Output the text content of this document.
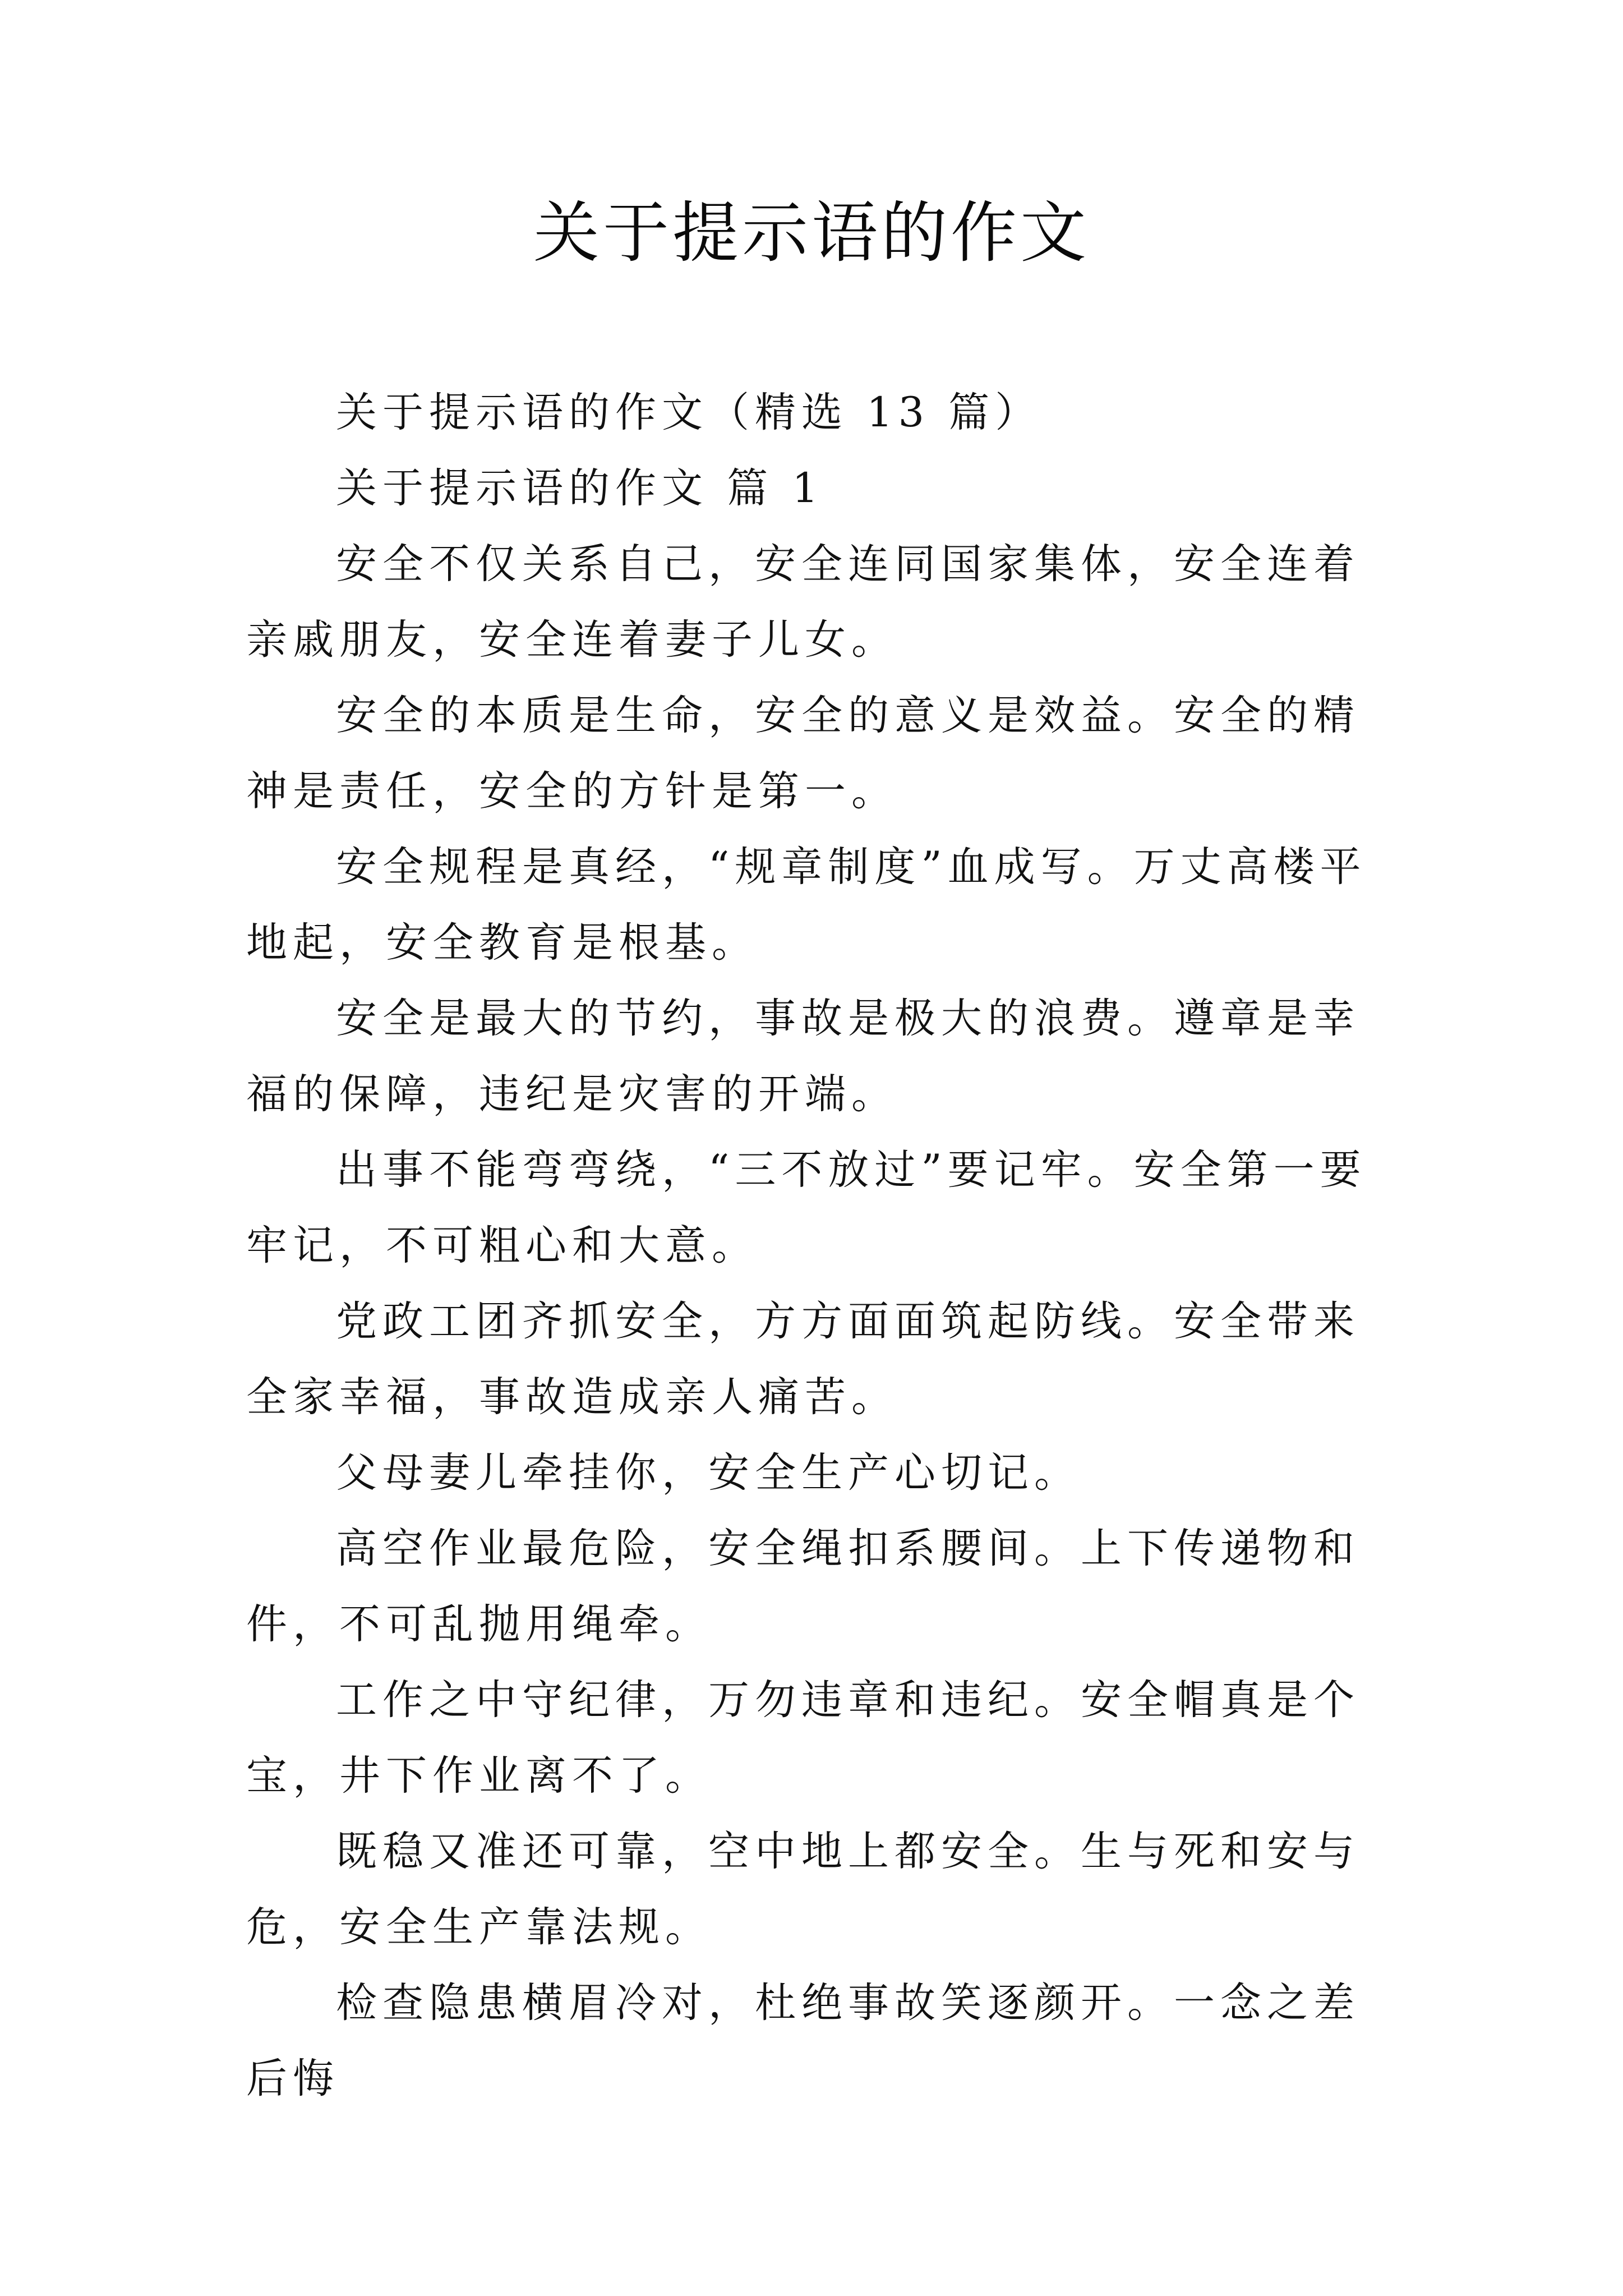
关于提示语的作文

关于提示语的作文（精选 13 篇）

关于提示语的作文 篇 1

安全不仅关系自己，安全连同国家集体，安全连着亲戚朋友，安全连着妻子儿女。

安全的本质是生命，安全的意义是效益。安全的精神是责任，安全的方针是第一。

安全规程是真经，“规章制度”血成写。万丈高楼平地起，安全教育是根基。

安全是最大的节约，事故是极大的浪费。遵章是幸福的保障，违纪是灾害的开端。

出事不能弯弯绕，“三不放过”要记牢。安全第一要牢记，不可粗心和大意。

党政工团齐抓安全，方方面面筑起防线。安全带来全家幸福，事故造成亲人痛苦。

父母妻儿牵挂你，安全生产心切记。

高空作业最危险，安全绳扣系腰间。上下传递物和件，不可乱抛用绳牵。

工作之中守纪律，万勿违章和违纪。安全帽真是个宝，井下作业离不了。

既稳又准还可靠，空中地上都安全。生与死和安与危，安全生产靠法规。

检查隐患横眉冷对，杜绝事故笑逐颜开。一念之差后悔
